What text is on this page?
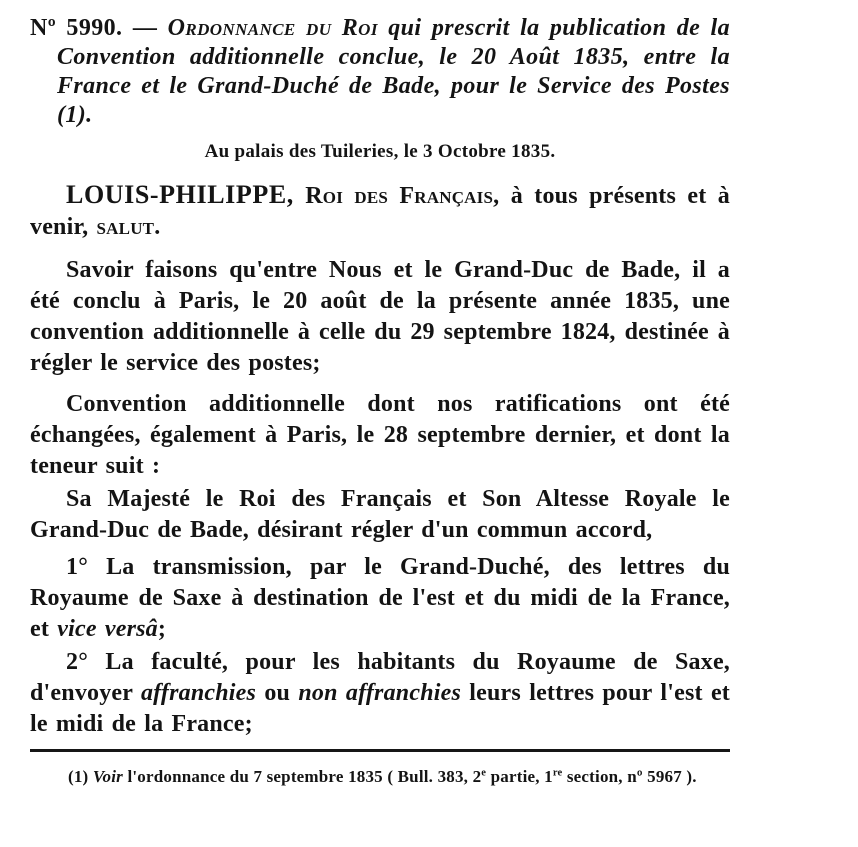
Nº 5990. — Ordonnance du Roi qui prescrit la publication de la Convention additionnelle conclue, le 20 Août 1835, entre la France et le Grand-Duché de Bade, pour le Service des Postes (1).

Au palais des Tuileries, le 3 Octobre 1835.

LOUIS-PHILIPPE, Roi des Français, à tous présents et à venir, salut.

Savoir faisons qu'entre Nous et le Grand-Duc de Bade, il a été conclu à Paris, le 20 août de la présente année 1835, une convention additionnelle à celle du 29 septembre 1824, destinée à régler le service des postes;

Convention additionnelle dont nos ratifications ont été échangées, également à Paris, le 28 septembre dernier, et dont la teneur suit :

Sa Majesté le Roi des Français et Son Altesse Royale le Grand-Duc de Bade, désirant régler d'un commun accord,

1° La transmission, par le Grand-Duché, des lettres du Royaume de Saxe à destination de l'est et du midi de la France, et vice versâ;

2° La faculté, pour les habitants du Royaume de Saxe, d'envoyer affranchies ou non affranchies leurs lettres pour l'est et le midi de la France;

(1) Voir l'ordonnance du 7 septembre 1835 ( Bull. 383, 2e partie, 1re section, nº 5967 ).
